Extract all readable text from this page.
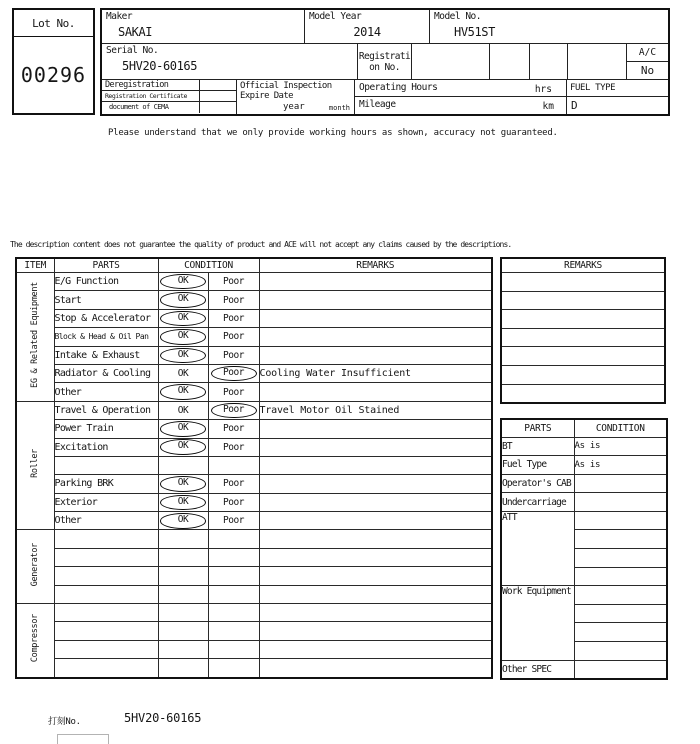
Lot No.
00296
Maker
SAKAI
Model Year
2014
Model No.
HV51ST
Serial No.
5HV20-60165
Registrati
on No.
A/C
No
Deregistration
Registration Certificate
document of CEMA
Official Inspection
Expire Date
year	month
Operating Hours	hrs
Mileage	km
FUEL TYPE
D
Please understand that we only provide working hours as shown, accuracy not guaranteed.
The description content does not guarantee the quality of product and ACE will not accept any claims caused by the descriptions.
ITEM	PARTS	CONDITION		REMARKS
EG & Related Equipment	E/G Function	OK	Poor	
	Start	OK	Poor	
	Stop & Accelerator	OK	Poor	
	Block & Head & Oil Pan	OK	Poor	
	Intake & Exhaust	OK	Poor	
	Radiator & Cooling	OK	Poor	Cooling Water Insufficient
	Other	OK	Poor	
Roller	Travel & Operation	OK	Poor	Travel Motor Oil Stained
	Power Train	OK	Poor	
	Excitation	OK	Poor	

	Parking BRK	OK	Poor	
	Exterior	OK	Poor	
	Other	OK	Poor	
Generator				

Compressor				

REMARKS

PARTS	CONDITION
BT	As is
Fuel Type	As is
Operator's CAB	
Undercarriage	
ATT	

Work Equipment	

Other SPEC	
打刻No.	5HV20-60165
